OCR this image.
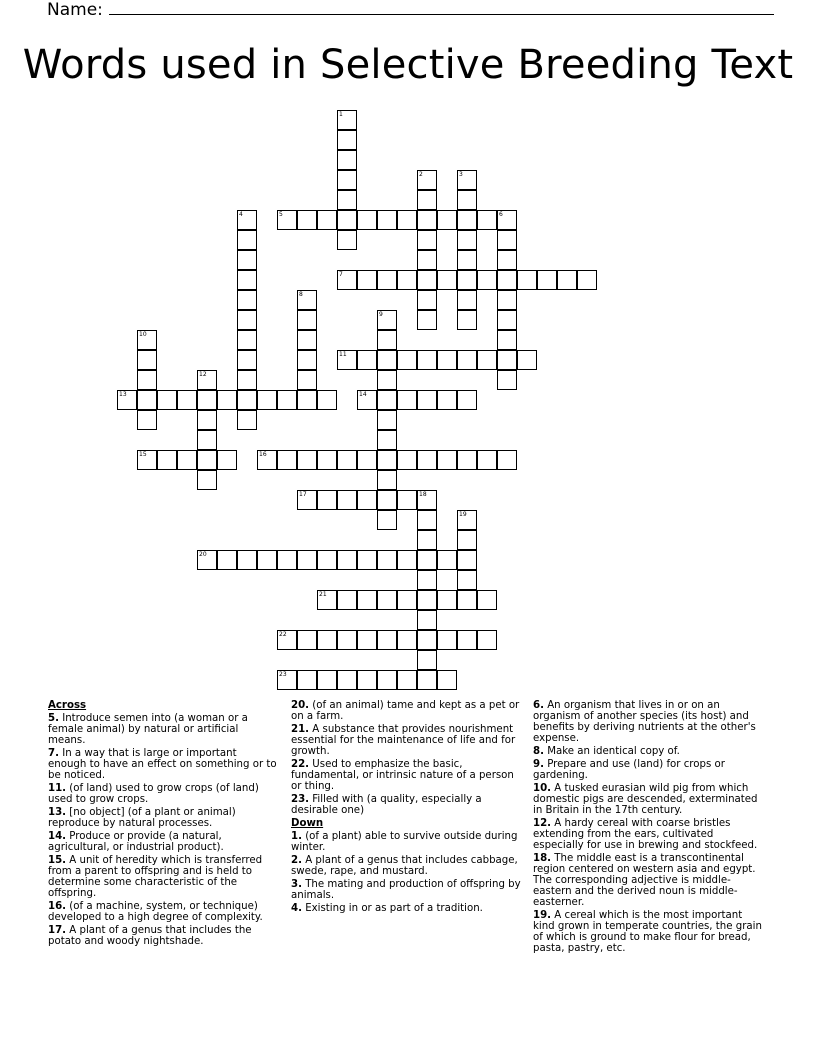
Name:
Words used in Selective Breeding Text
1
2	3
4	5	6
7
8
9
10
11
12
13	14
15	16
17	18
19
20
21
22
23
Across
5. Introduce semen into (a woman or a female animal) by natural or artificial means.
7. In a way that is large or important enough to have an effect on something or to be noticed.
11. (of land) used to grow crops (of land) used to grow crops.
13. [no object] (of a plant or animal) reproduce by natural processes.
14. Produce or provide (a natural, agricultural, or industrial product).
15. A unit of heredity which is transferred from a parent to offspring and is held to determine some characteristic of the offspring.
16. (of a machine, system, or technique) developed to a high degree of complexity.
17. A plant of a genus that includes the potato and woody nightshade.
20. (of an animal) tame and kept as a pet or on a farm.
21. A substance that provides nourishment essential for the maintenance of life and for growth.
22. Used to emphasize the basic, fundamental, or intrinsic nature of a person or thing.
23. Filled with (a quality, especially a desirable one)
Down
1. (of a plant) able to survive outside during winter.
2. A plant of a genus that includes cabbage, swede, rape, and mustard.
3. The mating and production of offspring by animals.
4. Existing in or as part of a tradition.
6. An organism that lives in or on an organism of another species (its host) and benefits by deriving nutrients at the other's expense.
8. Make an identical copy of.
9. Prepare and use (land) for crops or gardening.
10. A tusked eurasian wild pig from which domestic pigs are descended, exterminated in Britain in the 17th century.
12. A hardy cereal with coarse bristles extending from the ears, cultivated especially for use in brewing and stockfeed.
18. The middle east is a transcontinental region centered on western asia and egypt. The corresponding adjective is middle-eastern and the derived noun is middle-easterner.
19. A cereal which is the most important kind grown in temperate countries, the grain of which is ground to make flour for bread, pasta, pastry, etc.
